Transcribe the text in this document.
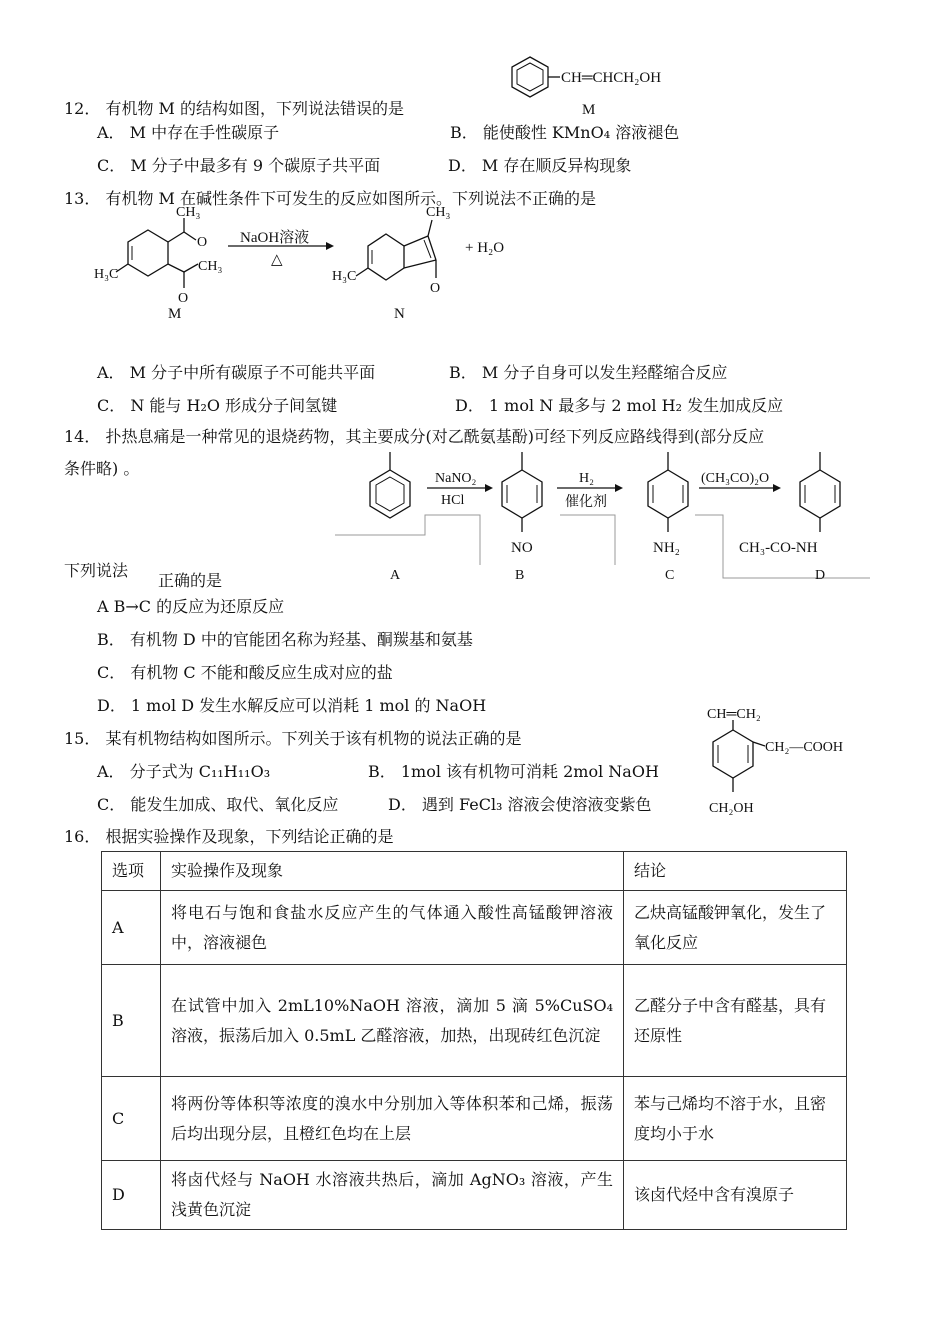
CH═CHCH₂OH
M
12． 有机物 M 的结构如图，下列说法错误的是
A． M 中存在手性碳原子	B． 能使酸性 KMnO₄ 溶液褪色
C． M 分子中最多有 9 个碳原子共平面	D． M 存在顺反异构现象
13． 有机物 M 在碱性条件下可发生的反应如图所示。下列说法不正确的是
CH₃
O
O
CH₃
H₃C
M
NaOH溶液
△
CH₃
O
H₃C
N
+ H₂O
A． M 分子中所有碳原子不可能共平面	B． M 分子自身可以发生羟醛缩合反应
C． N 能与 H₂O 形成分子间氢键	D． 1 mol N 最多与 2 mol H₂ 发生加成反应
14． 扑热息痛是一种常见的退烧药物，其主要成分(对乙酰氨基酚)可经下列反应路线得到(部分反应
条件略) 。
NaNO₂
HCl
NO
H₂
催化剂
NH₂
(CH₃CO)₂O
CH₃-CO-NH
A	B	C	D
下列说法
正确的是
A B→C 的反应为还原反应
B． 有机物 D 中的官能团名称为羟基、酮羰基和氨基
C． 有机物 C 不能和酸反应生成对应的盐
D． 1 mol D 发生水解反应可以消耗 1 mol 的 NaOH	CH═CH₂
CH₂—COOH
CH₂OH
15． 某有机物结构如图所示。下列关于该有机物的说法正确的是
A． 分子式为 C₁₁H₁₁O₃	B． 1mol 该有机物可消耗 2mol NaOH
C． 能发生加成、取代、氧化反应	D． 遇到 FeCl₃ 溶液会使溶液变紫色
16． 根据实验操作及现象，下列结论正确的是
选项	实验操作及现象	结论
A	将电石与饱和食盐水反应产生的气体通入酸性高锰酸钾溶液中，溶液褪色	乙炔高锰酸钾氧化，发生了氧化反应
B	在试管中加入 2mL10%NaOH 溶液，滴加 5 滴 5%CuSO₄ 溶液，振荡后加入 0.5mL 乙醛溶液，加热，出现砖红色沉淀	乙醛分子中含有醛基，具有还原性
C	将两份等体积等浓度的溴水中分别加入等体积苯和己烯，振荡后均出现分层，且橙红色均在上层	苯与己烯均不溶于水，且密度均小于水
D	将卤代烃与 NaOH 水溶液共热后，滴加 AgNO₃ 溶液，产生浅黄色沉淀	该卤代烃中含有溴原子
